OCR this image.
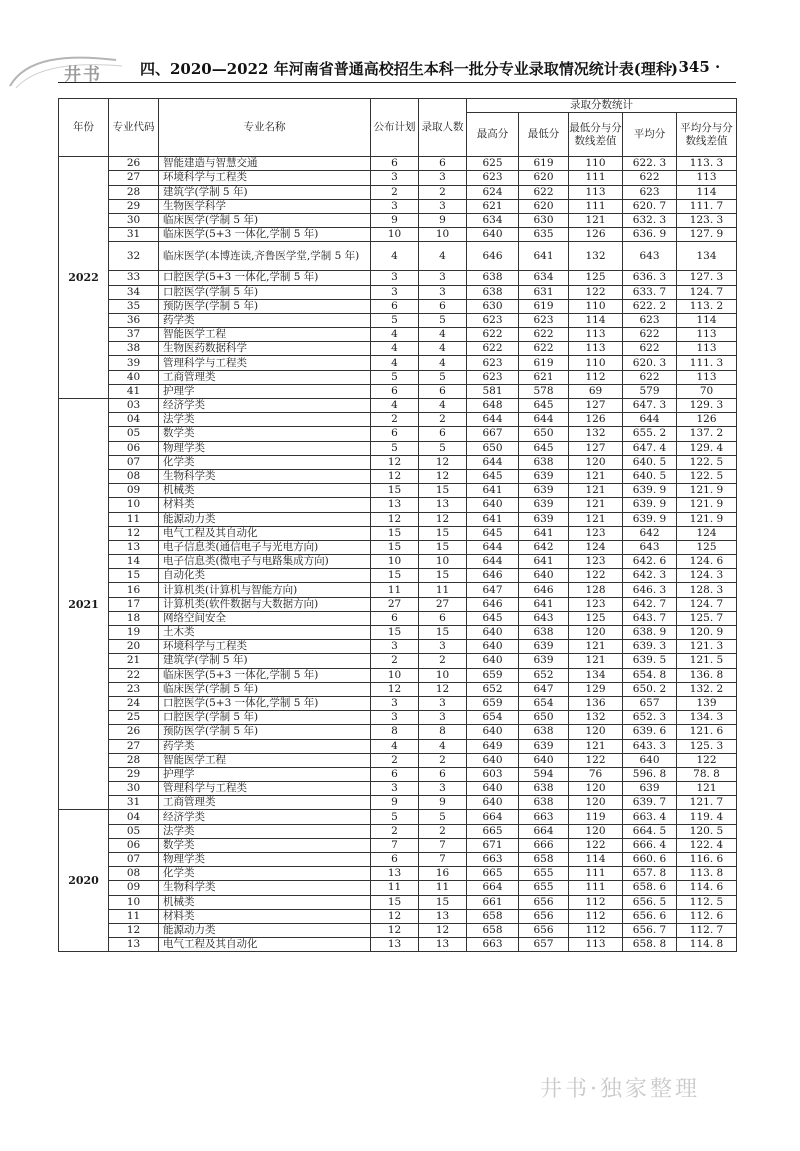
井书	四、2020—2022 年河南省普通高校招生本科一批分专业录取情况统计表(理科)
· 345 ·
年份	专业代码	专业名称	公布计划	录取人数	录取分数统计				
					最高分	最低分	最低分与分数线差值	平均分	平均分与分数线差值
2022	26	智能建造与智慧交通	6	6	625	619	110	622. 3	113. 3
	27	环境科学与工程类	3	3	623	620	111	622	113
	28	建筑学(学制 5 年)	2	2	624	622	113	623	114
	29	生物医学科学	3	3	621	620	111	620. 7	111. 7
	30	临床医学(学制 5 年)	9	9	634	630	121	632. 3	123. 3
	31	临床医学(5+3 一体化,学制 5 年)	10	10	640	635	126	636. 9	127. 9
	32	临床医学(本博连读,齐鲁医学堂,学制 5 年)	4	4	646	641	132	643	134
	33	口腔医学(5+3 一体化,学制 5 年)	3	3	638	634	125	636. 3	127. 3
	34	口腔医学(学制 5 年)	3	3	638	631	122	633. 7	124. 7
	35	预防医学(学制 5 年)	6	6	630	619	110	622. 2	113. 2
	36	药学类	5	5	623	623	114	623	114
	37	智能医学工程	4	4	622	622	113	622	113
	38	生物医药数据科学	4	4	622	622	113	622	113
	39	管理科学与工程类	4	4	623	619	110	620. 3	111. 3
	40	工商管理类	5	5	623	621	112	622	113
	41	护理学	6	6	581	578	69	579	70
2021	03	经济学类	4	4	648	645	127	647. 3	129. 3
	04	法学类	2	2	644	644	126	644	126
	05	数学类	6	6	667	650	132	655. 2	137. 2
	06	物理学类	5	5	650	645	127	647. 4	129. 4
	07	化学类	12	12	644	638	120	640. 5	122. 5
	08	生物科学类	12	12	645	639	121	640. 5	122. 5
	09	机械类	15	15	641	639	121	639. 9	121. 9
	10	材料类	13	13	640	639	121	639. 9	121. 9
	11	能源动力类	12	12	641	639	121	639. 9	121. 9
	12	电气工程及其自动化	15	15	645	641	123	642	124
	13	电子信息类(通信电子与光电方向)	15	15	644	642	124	643	125
	14	电子信息类(微电子与电路集成方向)	10	10	644	641	123	642. 6	124. 6
	15	自动化类	15	15	646	640	122	642. 3	124. 3
	16	计算机类(计算机与智能方向)	11	11	647	646	128	646. 3	128. 3
	17	计算机类(软件数据与大数据方向)	27	27	646	641	123	642. 7	124. 7
	18	网络空间安全	6	6	645	643	125	643. 7	125. 7
	19	土木类	15	15	640	638	120	638. 9	120. 9
	20	环境科学与工程类	3	3	640	639	121	639. 3	121. 3
	21	建筑学(学制 5 年)	2	2	640	639	121	639. 5	121. 5
	22	临床医学(5+3 一体化,学制 5 年)	10	10	659	652	134	654. 8	136. 8
	23	临床医学(学制 5 年)	12	12	652	647	129	650. 2	132. 2
	24	口腔医学(5+3 一体化,学制 5 年)	3	3	659	654	136	657	139
	25	口腔医学(学制 5 年)	3	3	654	650	132	652. 3	134. 3
	26	预防医学(学制 5 年)	8	8	640	638	120	639. 6	121. 6
	27	药学类	4	4	649	639	121	643. 3	125. 3
	28	智能医学工程	2	2	640	640	122	640	122
	29	护理学	6	6	603	594	76	596. 8	78. 8
	30	管理科学与工程类	3	3	640	638	120	639	121
	31	工商管理类	9	9	640	638	120	639. 7	121. 7
2020	04	经济学类	5	5	664	663	119	663. 4	119. 4
	05	法学类	2	2	665	664	120	664. 5	120. 5
	06	数学类	7	7	671	666	122	666. 4	122. 4
	07	物理学类	6	7	663	658	114	660. 6	116. 6
	08	化学类	13	16	665	655	111	657. 8	113. 8
	09	生物科学类	11	11	664	655	111	658. 6	114. 6
	10	机械类	15	15	661	656	112	656. 5	112. 5
	11	材料类	12	13	658	656	112	656. 6	112. 6
	12	能源动力类	12	12	658	656	112	656. 7	112. 7
	13	电气工程及其自动化	13	13	663	657	113	658. 8	114. 8
井书·独家整理
